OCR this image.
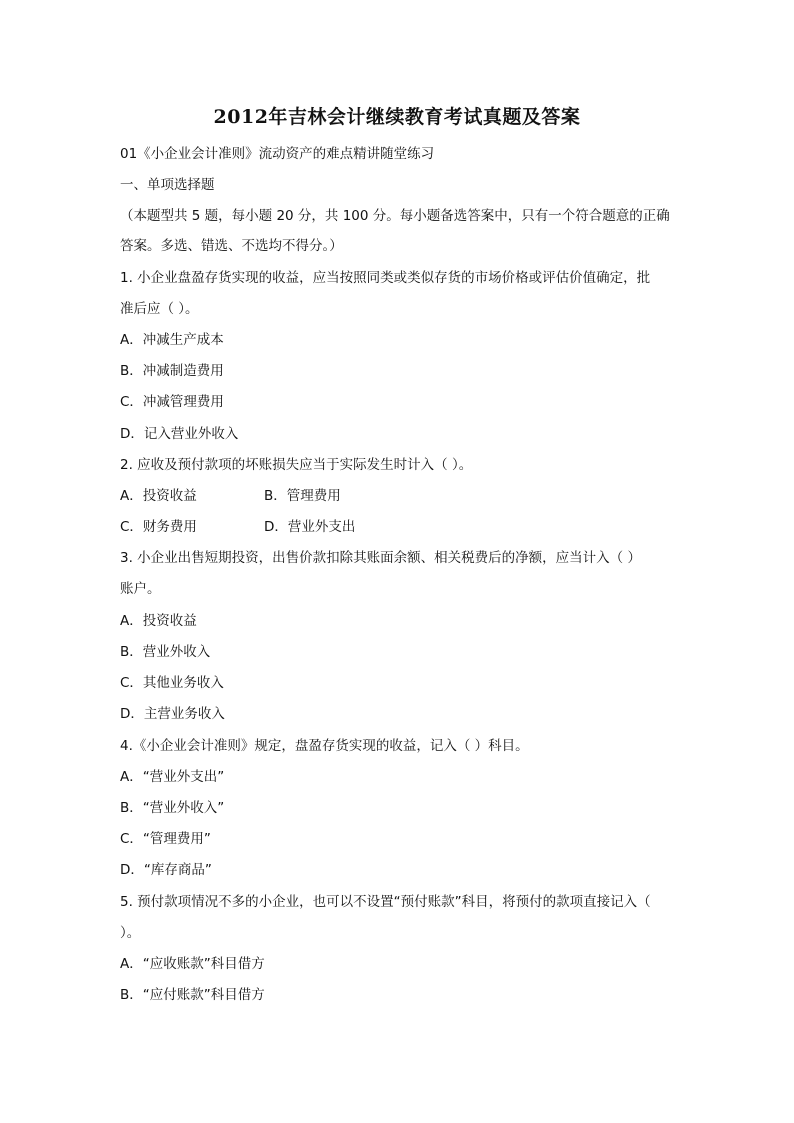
2012年吉林会计继续教育考试真题及答案
01《小企业会计准则》流动资产的难点精讲随堂练习
一、单项选择题
（本题型共 5 题，每小题 20 分，共 100 分。每小题备选答案中，只有一个符合题意的正确
答案。多选、错选、不选均不得分。）
1. 小企业盘盈存货实现的收益，应当按照同类或类似存货的市场价格或评估价值确定，批
准后应（ ）。
A．冲减生产成本
B．冲减制造费用
C．冲减管理费用
D．记入营业外收入
2. 应收及预付款项的坏账损失应当于实际发生时计入（ ）。
A．投资收益	B．管理费用
C．财务费用	D．营业外支出
3. 小企业出售短期投资，出售价款扣除其账面余额、相关税费后的净额，应当计入（ ）
账户。
A．投资收益
B．营业外收入
C．其他业务收入
D．主营业务收入
4.《小企业会计准则》规定，盘盈存货实现的收益，记入（ ）科目。
A．“营业外支出”
B．“营业外收入”
C．“管理费用”
D．“库存商品”
5. 预付款项情况不多的小企业，也可以不设置“预付账款”科目，将预付的款项直接记入（
）。
A．“应收账款”科目借方
B．“应付账款”科目借方
